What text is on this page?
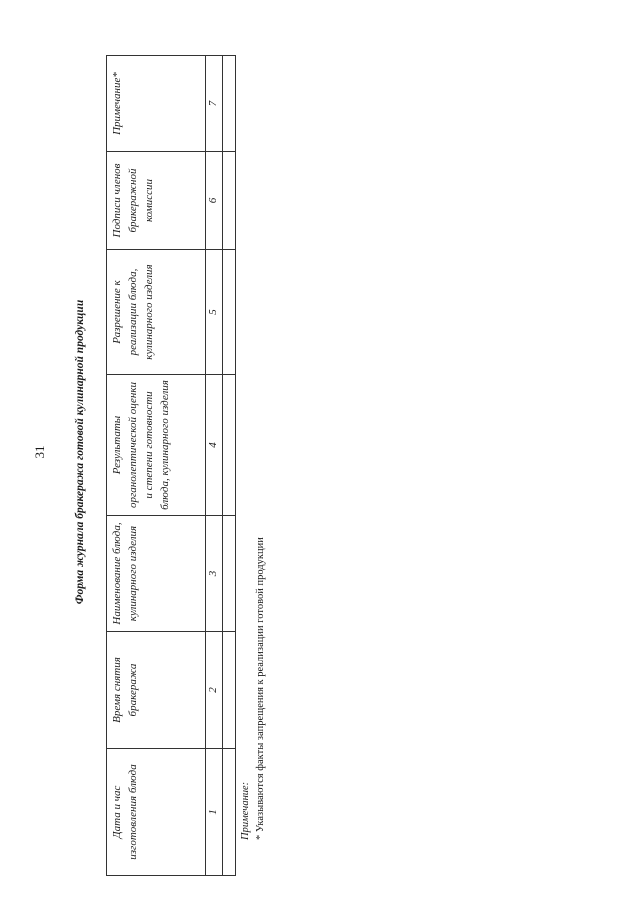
31 Форма журнала бракеража готовой кулинарной продукции
Дата и час изготовления блюда	Время снятия бракеража	Наименование блюда, кулинарного изделия	Результаты органолептической оценки и степени готовности блюда, кулинарного изделия	Разрешение к реализации блюда, кулинарного изделия	Подписи членов бракеражной комиссии	Примечание*
1	2	3	4	5	6	7

Примечание: * Указываются факты запрещения к реализации готовой продукции
